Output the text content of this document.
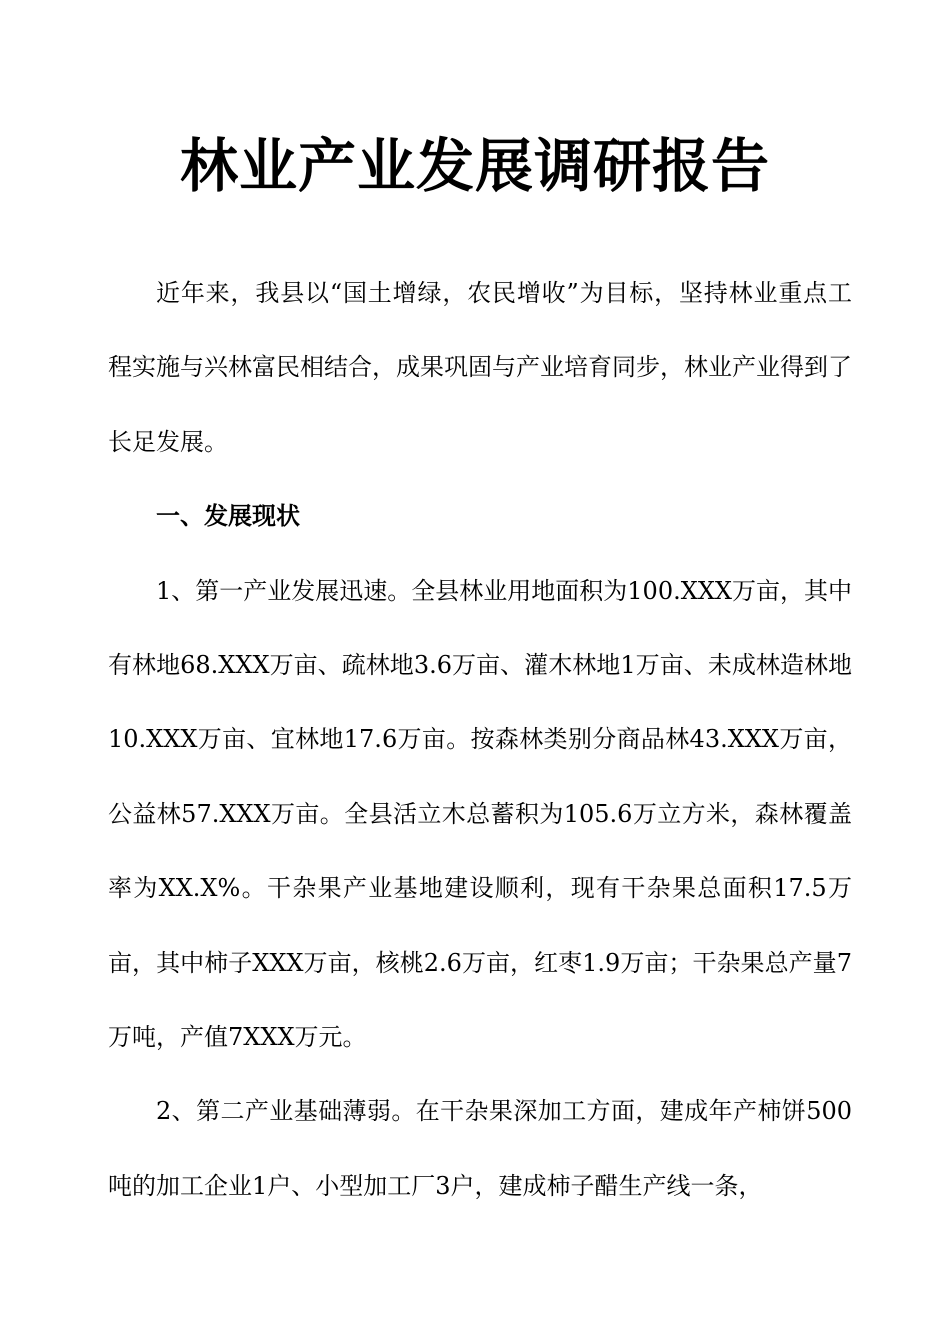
林业产业发展调研报告

近年来，我县以“国土增绿，农民增收”为目标，坚持林业重点工程实施与兴林富民相结合，成果巩固与产业培育同步，林业产业得到了长足发展。

一、发展现状

1、第一产业发展迅速。全县林业用地面积为100.XXX万亩，其中有林地68.XXX万亩、疏林地3.6万亩、灌木林地1万亩、未成林造林地10.XXX万亩、宜林地17.6万亩。按森林类别分商品林43.XXX万亩，公益林57.XXX万亩。全县活立木总蓄积为105.6万立方米，森林覆盖率为XX.X%。干杂果产业基地建设顺利，现有干杂果总面积17.5万亩，其中柿子XXX万亩，核桃2.6万亩，红枣1.9万亩；干杂果总产量7万吨，产值7XXX万元。

2、第二产业基础薄弱。在干杂果深加工方面，建成年产柿饼500吨的加工企业1户、小型加工厂3户，建成柿子醋生产线一条，
